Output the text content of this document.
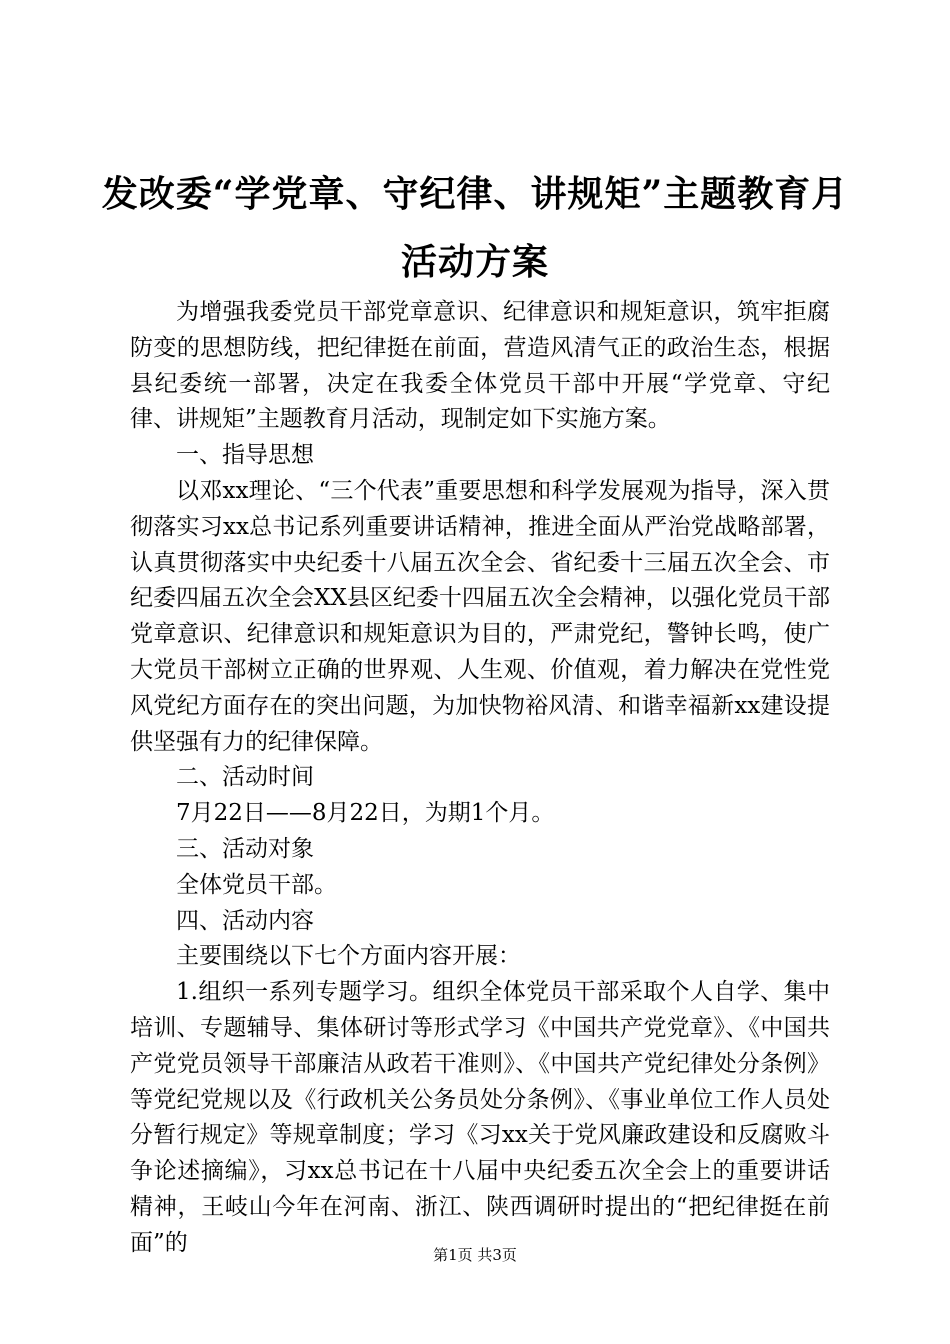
发改委“学党章、守纪律、讲规矩”主题教育月活动方案

为增强我委党员干部党章意识、纪律意识和规矩意识，筑牢拒腐防变的思想防线，把纪律挺在前面，营造风清气正的政治生态，根据县纪委统一部署，决定在我委全体党员干部中开展“学党章、守纪律、讲规矩”主题教育月活动，现制定如下实施方案。

一、指导思想

以邓xx理论、“三个代表”重要思想和科学发展观为指导，深入贯彻落实习xx总书记系列重要讲话精神，推进全面从严治党战略部署，认真贯彻落实中央纪委十八届五次全会、省纪委十三届五次全会、市纪委四届五次全会XX县区纪委十四届五次全会精神，以强化党员干部党章意识、纪律意识和规矩意识为目的，严肃党纪，警钟长鸣，使广大党员干部树立正确的世界观、人生观、价值观，着力解决在党性党风党纪方面存在的突出问题，为加快物裕风清、和谐幸福新xx建设提供坚强有力的纪律保障。

二、活动时间

7月22日——8月22日，为期1个月。

三、活动对象

全体党员干部。

四、活动内容

主要围绕以下七个方面内容开展：

1.组织一系列专题学习。组织全体党员干部采取个人自学、集中培训、专题辅导、集体研讨等形式学习《中国共产党党章》、《中国共产党党员领导干部廉洁从政若干准则》、《中国共产党纪律处分条例》等党纪党规以及《行政机关公务员处分条例》、《事业单位工作人员处分暂行规定》等规章制度；学习《习xx关于党风廉政建设和反腐败斗争论述摘编》，习xx总书记在十八届中央纪委五次全会上的重要讲话精神，王岐山今年在河南、浙江、陕西调研时提出的“把纪律挺在前面”的	第1页 共3页
